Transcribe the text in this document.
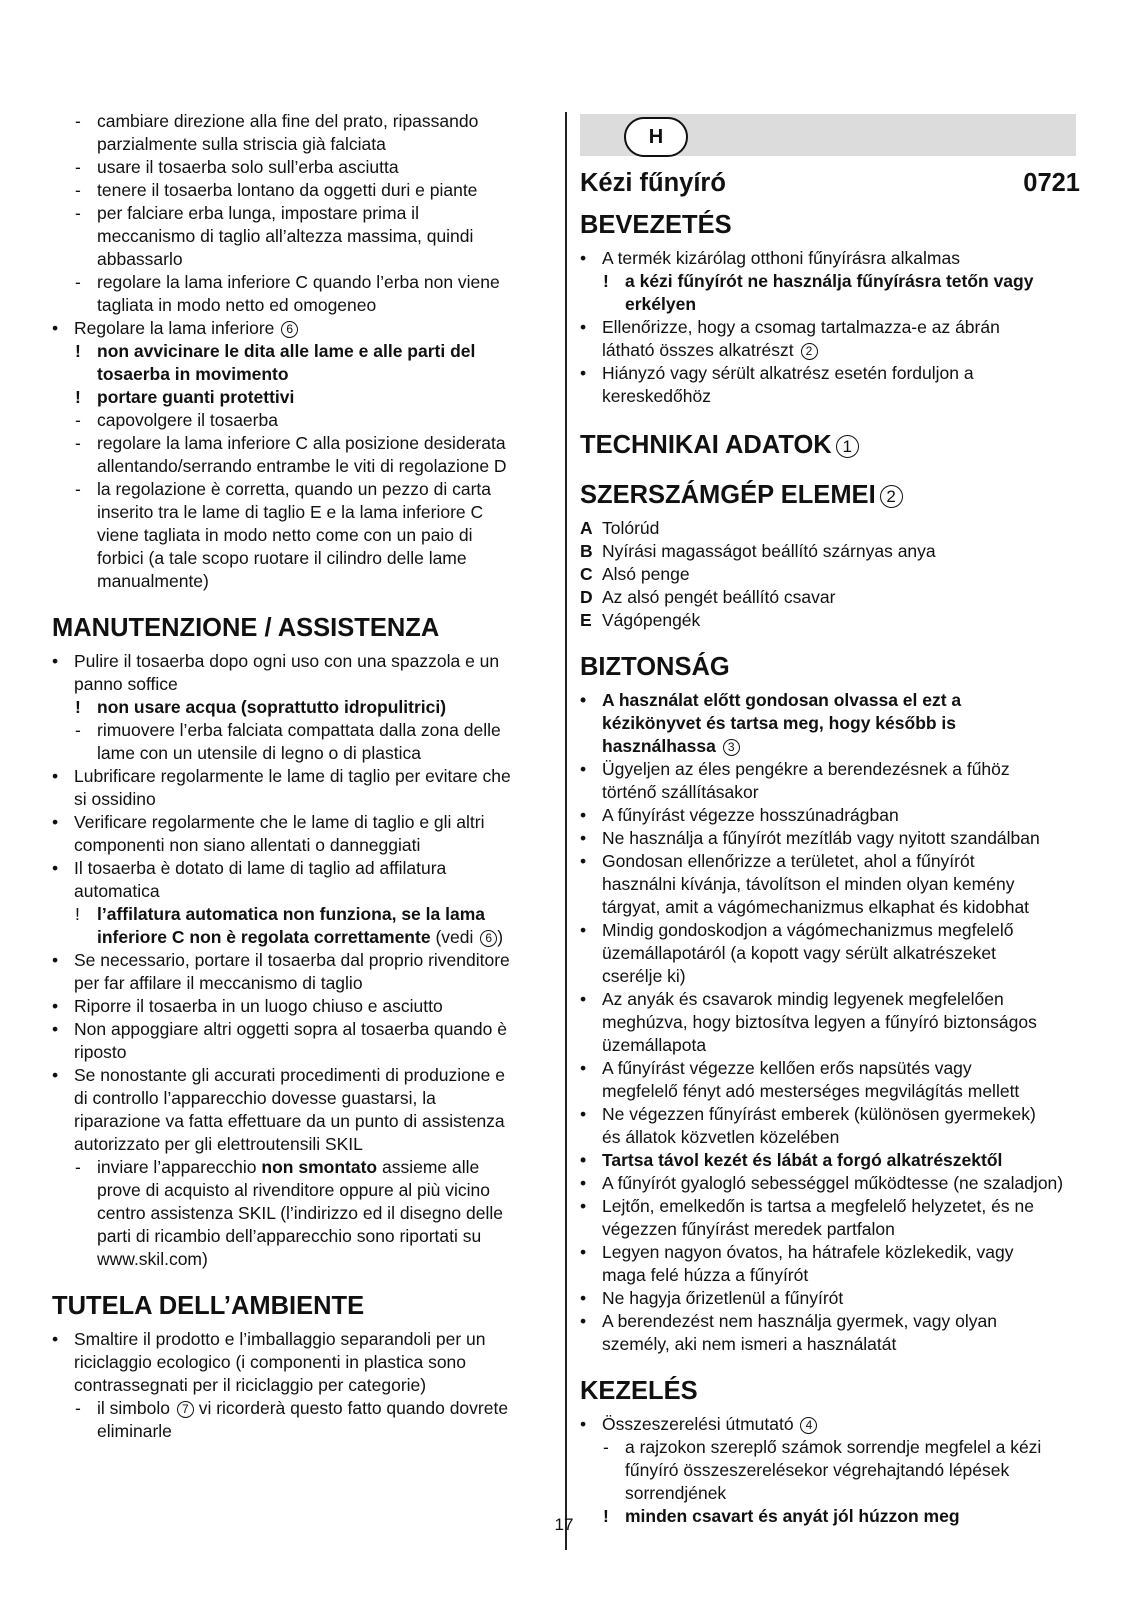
H
- cambiare direzione alla fine del prato, ripassando
parzialmente sulla striscia già falciata
- usare il tosaerba solo sull’erba asciutta
- tenere il tosaerba lontano da oggetti duri e piante
- per falciare erba lunga, impostare prima il
meccanismo di taglio all’altezza massima, quindi
abbassarlo
- regolare la lama inferiore C quando l’erba non viene
tagliata in modo netto ed omogeneo
• Regolare la lama inferiore 6
! non avvicinare le dita alle lame e alle parti del
tosaerba in movimento
! portare guanti protettivi
- capovolgere il tosaerba
- regolare la lama inferiore C alla posizione desiderata
allentando/serrando entrambe le viti di regolazione D
- la regolazione è corretta, quando un pezzo di carta
inserito tra le lame di taglio E e la lama inferiore C
viene tagliata in modo netto come con un paio di
forbici (a tale scopo ruotare il cilindro delle lame
manualmente)
MANUTENZIONE / ASSISTENZA
• Pulire il tosaerba dopo ogni uso con una spazzola e un
panno soffice
! non usare acqua (soprattutto idropulitrici)
- rimuovere l’erba falciata compattata dalla zona delle
lame con un utensile di legno o di plastica
• Lubrificare regolarmente le lame di taglio per evitare che
si ossidino
• Verificare regolarmente che le lame di taglio e gli altri
componenti non siano allentati o danneggiati
• Il tosaerba è dotato di lame di taglio ad affilatura
automatica
! l’affilatura automatica non funziona, se la lama
inferiore C non è regolata correttamente (vedi 6 )
• Se necessario, portare il tosaerba dal proprio rivenditore
per far affilare il meccanismo di taglio
• Riporre il tosaerba in un luogo chiuso e asciutto
• Non appoggiare altri oggetti sopra al tosaerba quando è
riposto
• Se nonostante gli accurati procedimenti di produzione e
di controllo l’apparecchio dovesse guastarsi, la
riparazione va fatta effettuare da un punto di assistenza
autorizzato per gli elettroutensili SKIL
- inviare l’apparecchio non smontato assieme alle
prove di acquisto al rivenditore oppure al più vicino
centro assistenza SKIL (l’indirizzo ed il disegno delle
parti di ricambio dell’apparecchio sono riportati su
www.skil.com)
TUTELA DELL’AMBIENTE
• Smaltire il prodotto e l’imballaggio separandoli per un
riciclaggio ecologico (i componenti in plastica sono
contrassegnati per il riciclaggio per categorie)
- il simbolo 7 vi ricorderà questo fatto quando dovrete
eliminarle
Kézi fűnyíró	0721
BEVEZETÉS
• A termék kizárólag otthoni fűnyírásra alkalmas
! a kézi fűnyírót ne használja fűnyírásra tetőn vagy
erkélyen
• Ellenőrizze, hogy a csomag tartalmazza-e az ábrán
látható összes alkatrészt 2
• Hiányzó vagy sérült alkatrész esetén forduljon a
kereskedőhöz
TECHNIKAI ADATOK 1
SZERSZÁMGÉP ELEMEI 2
A Tolórúd
B Nyírási magasságot beállító szárnyas anya
C Alsó penge
D Az alsó pengét beállító csavar
E Vágópengék
BIZTONSÁG
• A használat előtt gondosan olvassa el ezt a
kézikönyvet és tartsa meg, hogy később is
használhassa 3
• Ügyeljen az éles pengékre a berendezésnek a fűhöz
történő szállításakor
• A fűnyírást végezze hosszúnadrágban
• Ne használja a fűnyírót mezítláb vagy nyitott szandálban
• Gondosan ellenőrizze a területet, ahol a fűnyírót
használni kívánja, távolítson el minden olyan kemény
tárgyat, amit a vágómechanizmus elkaphat és kidobhat
• Mindig gondoskodjon a vágómechanizmus megfelelő
üzemállapotáról (a kopott vagy sérült alkatrészeket
cserélje ki)
• Az anyák és csavarok mindig legyenek megfelelően
meghúzva, hogy biztosítva legyen a fűnyíró biztonságos
üzemállapota
• A fűnyírást végezze kellően erős napsütés vagy
megfelelő fényt adó mesterséges megvilágítás mellett
• Ne végezzen fűnyírást emberek (különösen gyermekek)
és állatok közvetlen közelében
• Tartsa távol kezét és lábát a forgó alkatrészektől
• A fűnyírót gyalogló sebességgel működtesse (ne szaladjon)
• Lejtőn, emelkedőn is tartsa a megfelelő helyzetet, és ne
végezzen fűnyírást meredek partfalon
• Legyen nagyon óvatos, ha hátrafele közlekedik, vagy
maga felé húzza a fűnyírót
• Ne hagyja őrizetlenül a fűnyírót
• A berendezést nem használja gyermek, vagy olyan
személy, aki nem ismeri a használatát
KEZELÉS
• Összeszerelési útmutató 4
- a rajzokon szereplő számok sorrendje megfelel a kézi
fűnyíró összeszerelésekor végrehajtandó lépések
sorrendjének
! minden csavart és anyát jól húzzon meg
17
